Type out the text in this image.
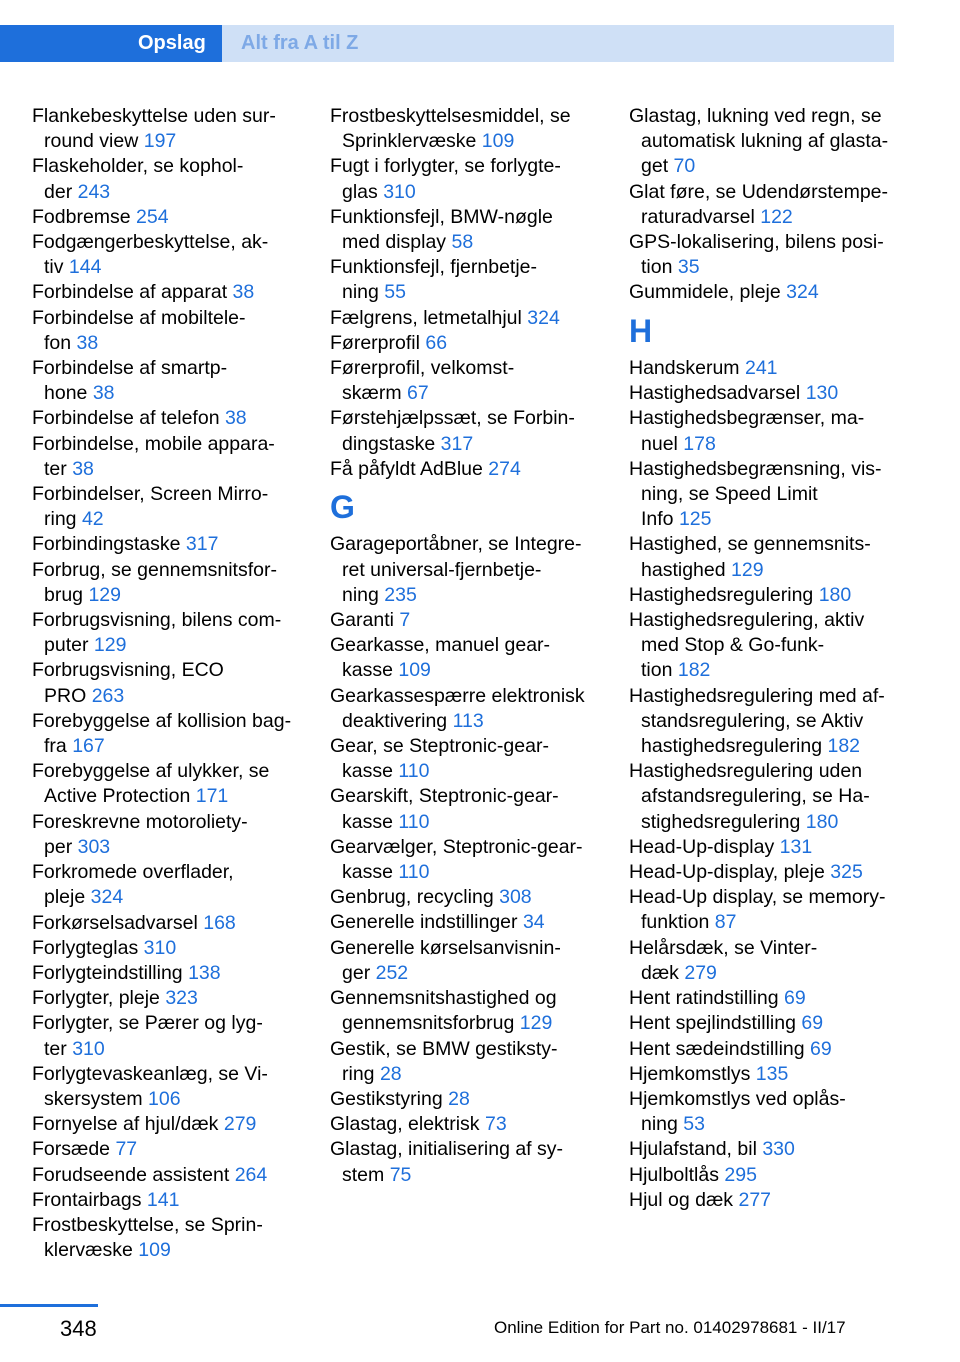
Opslag	Alt fra A til Z
Flankebeskyttelse uden sur-
round view 197
Flaskeholder, se kophol-
der 243
Fodbremse 254
Fodgængerbeskyttelse, ak-
tiv 144
Forbindelse af apparat 38
Forbindelse af mobiltele-
fon 38
Forbindelse af smartp-
hone 38
Forbindelse af telefon 38
Forbindelse, mobile appara-
ter 38
Forbindelser, Screen Mirro-
ring 42
Forbindingstaske 317
Forbrug, se gennemsnitsfor-
brug 129
Forbrugsvisning, bilens com-
puter 129
Forbrugsvisning, ECO
PRO 263
Forebyggelse af kollision bag-
fra 167
Forebyggelse af ulykker, se
Active Protection 171
Foreskrevne motoroliety-
per 303
Forkromede overflader,
pleje 324
Forkørselsadvarsel 168
Forlygteglas 310
Forlygteindstilling 138
Forlygter, pleje 323
Forlygter, se Pærer og lyg-
ter 310
Forlygtevaskeanlæg, se Vi-
skersystem 106
Fornyelse af hjul/dæk 279
Forsæde 77
Forudseende assistent 264
Frontairbags 141
Frostbeskyttelse, se Sprin-
klervæske 109
Frostbeskyttelsesmiddel, se
Sprinklervæske 109
Fugt i forlygter, se forlygte-
glas 310
Funktionsfejl, BMW-nøgle
med display 58
Funktionsfejl, fjernbetje-
ning 55
Fælgrens, letmetalhjul 324
Førerprofil 66
Førerprofil, velkomst-
skærm 67
Førstehjælpssæt, se Forbin-
dingstaske 317
Få påfyldt AdBlue 274
G
Garageportåbner, se Integre-
ret universal-fjernbetje-
ning 235
Garanti 7
Gearkasse, manuel gear-
kasse 109
Gearkassespærre elektronisk
deaktivering 113
Gear, se Steptronic-gear-
kasse 110
Gearskift, Steptronic-gear-
kasse 110
Gearvælger, Steptronic-gear-
kasse 110
Genbrug, recycling 308
Generelle indstillinger 34
Generelle kørselsanvisnin-
ger 252
Gennemsnitshastighed og
gennemsnitsforbrug 129
Gestik, se BMW gestiksty-
ring 28
Gestikstyring 28
Glastag, elektrisk 73
Glastag, initialisering af sy-
stem 75
Glastag, lukning ved regn, se
automatisk lukning af glasta-
get 70
Glat føre, se Udendørstempe-
raturadvarsel 122
GPS-lokalisering, bilens posi-
tion 35
Gummidele, pleje 324
H
Handskerum 241
Hastighedsadvarsel 130
Hastighedsbegrænser, ma-
nuel 178
Hastighedsbegrænsning, vis-
ning, se Speed Limit
Info 125
Hastighed, se gennemsnits-
hastighed 129
Hastighedsregulering 180
Hastighedsregulering, aktiv
med Stop & Go-funk-
tion 182
Hastighedsregulering med af-
standsregulering, se Aktiv
hastighedsregulering 182
Hastighedsregulering uden
afstandsregulering, se Ha-
stighedsregulering 180
Head-Up-display 131
Head-Up-display, pleje 325
Head-Up display, se memory-
funktion 87
Helårsdæk, se Vinter-
dæk 279
Hent ratindstilling 69
Hent spejlindstilling 69
Hent sædeindstilling 69
Hjemkomstlys 135
Hjemkomstlys ved oplås-
ning 53
Hjulafstand, bil 330
Hjulboltlås 295
Hjul og dæk 277
348	Online Edition for Part no. 01402978681 - II/17
